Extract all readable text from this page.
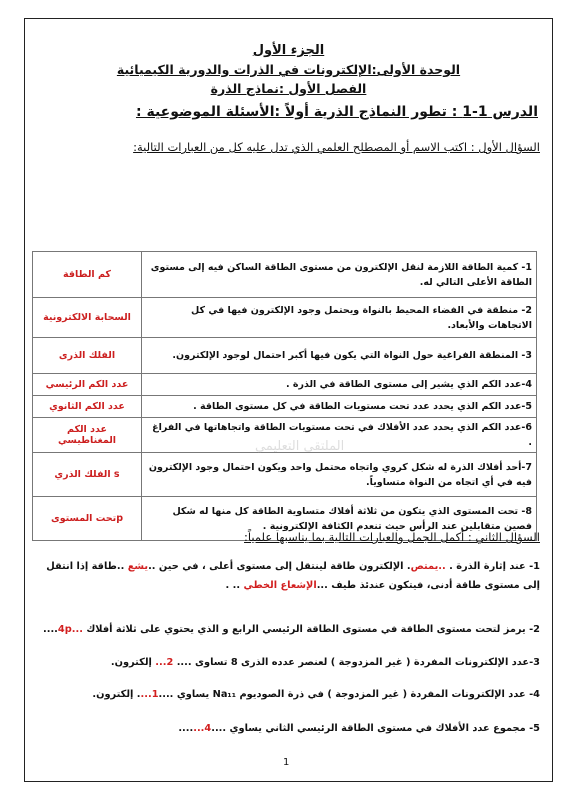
الجزء الأول
الوحدة الأولى:الإلكترونات في الذرات والدورية الكيميائية
الفصل الأول :نماذج الذرة
الدرس 1-1 : تطور النماذج الذرية أولاً :الأسئلة الموضوعية :
السؤال الأول : اكتب الاسم أو المصطلح العلمي الذي تدل عليه كل من العبارات التالية:
كم الطاقة	1- كمية الطاقة اللازمة لنقل الإلكترون من مستوى الطاقة الساكن فيه إلى مستوى الطاقة الأعلى التالي له.
السحابة الالكترونية	2- منطقة في الفضاء المحيط بالنواة ويحتمل وجود الإلكترون فيها في كل الاتجاهات والأبعاد.
الفلك الذرى	3- المنطقة الفراغية حول النواة التي يكون فيها أكبر احتمال لوجود الإلكترون.
عدد الكم الرئيسي	4-عدد الكم الذي يشير إلى مستوى الطاقة في الذرة .
عدد الكم الثانوي	5-عدد الكم الذي يحدد عدد تحت مستويات الطاقة في كل مستوى الطاقة .
عدد الكم المغناطيسي	6-عدد الكم الذي يحدد عدد الأفلاك في تحت مستويات الطاقة واتجاهاتها في الفراغ .
الفلك الذري s	7-أحد أفلاك الذرة له شكل كروي واتجاه محتمل واحد ويكون احتمال وجود الإلكترون فيه في أي اتجاه من النواة متساوياً.
تحت المستوىp	8- تحت المستوى الذي يتكون من ثلاثة أفلاك متساوية الطاقة كل منها له شكل فصين متقابلين عند الرأس حيث تنعدم الكثافة الإلكترونية .
الملتقى التعليمي
السؤال الثاني : أكمل الجمل والعبارات التالية بما يناسبها علمياً:
1- عند إثارة الذرة . ..يمتص. الإلكترون طاقة لينتقل إلى مستوى أعلى ، في حين ..يشع ..طاقة إذا انتقل إلى مستوى طاقة أدنى، فيتكون عندئذ طيف ...الإشعاع الخطي .. .
2- يرمز لتحت مستوى الطاقة في مستوى الطاقة الرئيسي الرابع و الذي يحتوي على ثلاثة أفلاك ...4p....
3-عدد الإلكترونات المفردة ( غير المزدوجة ) لعنصر عدده الذرى 8 تساوى .... 2... إلكترون.
4- عدد الإلكترونات المفردة ( غير المزدوجة ) في ذرة الصوديوم Na₁₁ يساوي ....1.... إلكترون.
5- مجموع عدد الأفلاك في مستوى الطاقة الرئيسي الثاني يساوي ....4.......
1
